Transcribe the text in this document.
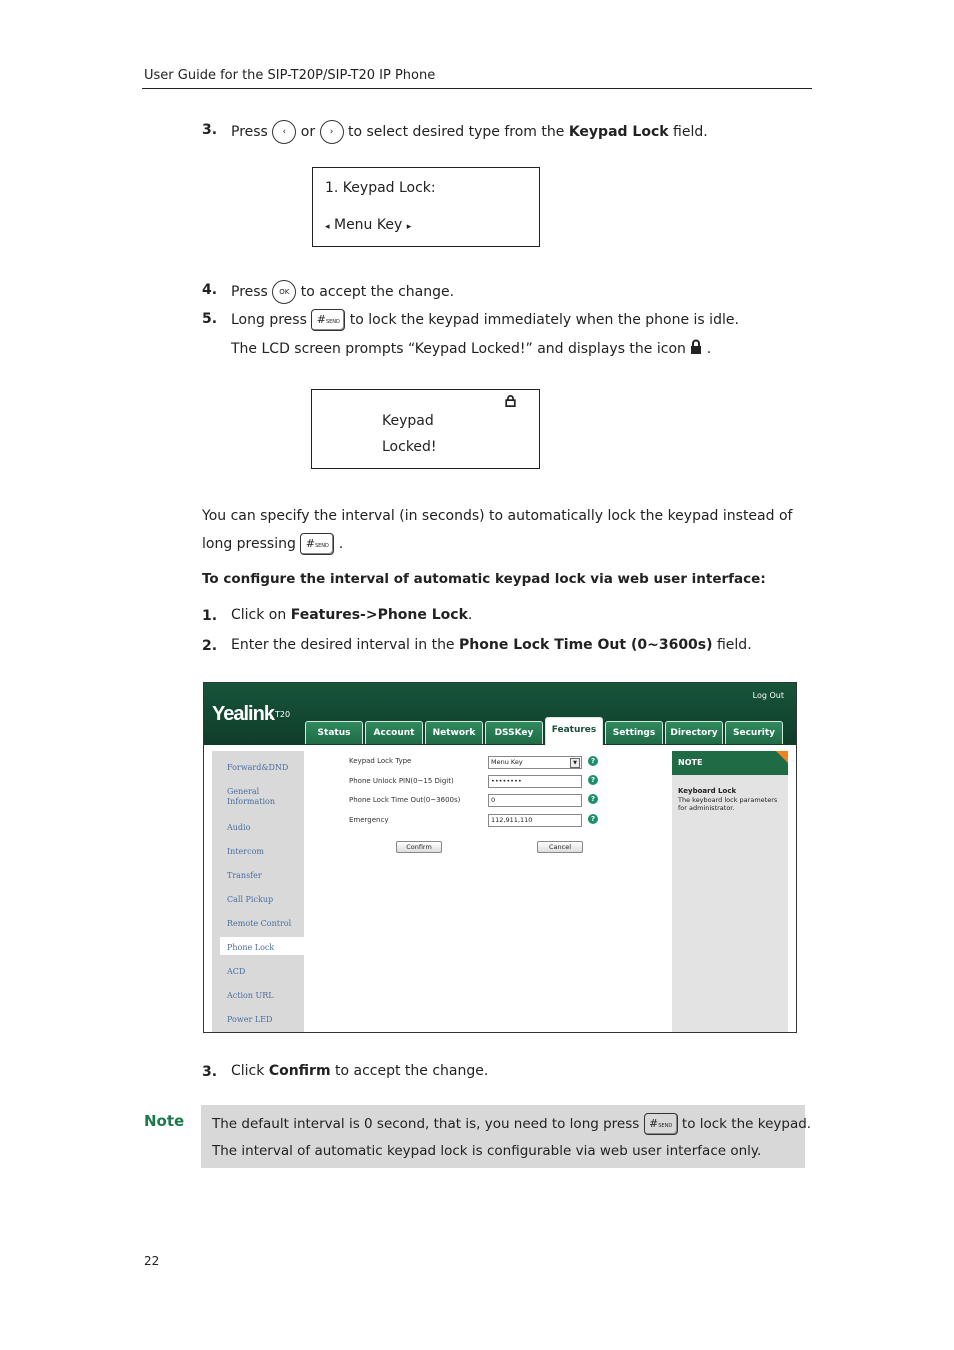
User Guide for the SIP-T20P/SIP-T20 IP Phone
3. Press ‹ or › to select desired type from the Keypad Lock field.
1. Keypad Lock:
◂ Menu Key ▸
4. Press OK to accept the change.
5. Long press #SEND to lock the keypad immediately when the phone is idle.
The LCD screen prompts “Keypad Locked!” and displays the icon .
Keypad
Locked!
You can specify the interval (in seconds) to automatically lock the keypad instead of
long pressing #SEND .
To configure the interval of automatic keypad lock via web user interface:
1. Click on Features->Phone Lock.
2. Enter the desired interval in the Phone Lock Time Out (0~3600s) field.
Yealink T20
Log Out
Status	Account	Network	DSSKey	Features	Settings	Directory	Security
Forward&DND
General Information
Audio
Intercom
Transfer
Call Pickup
Remote Control
Phone Lock
ACD
Action URL
Power LED
Keypad Lock Type	Menu Key	▼	?
Phone Unlock PIN(0~15 Digit)	••••••••	?
Phone Lock Time Out(0~3600s)	0	?
Emergency	112,911,110	?
Confirm	Cancel
NOTE
Keyboard Lock
The keyboard lock parameters for administrator.
3. Click Confirm to accept the change.
Note The default interval is 0 second, that is, you need to long press #SEND to lock the keypad.
The interval of automatic keypad lock is configurable via web user interface only.
22
